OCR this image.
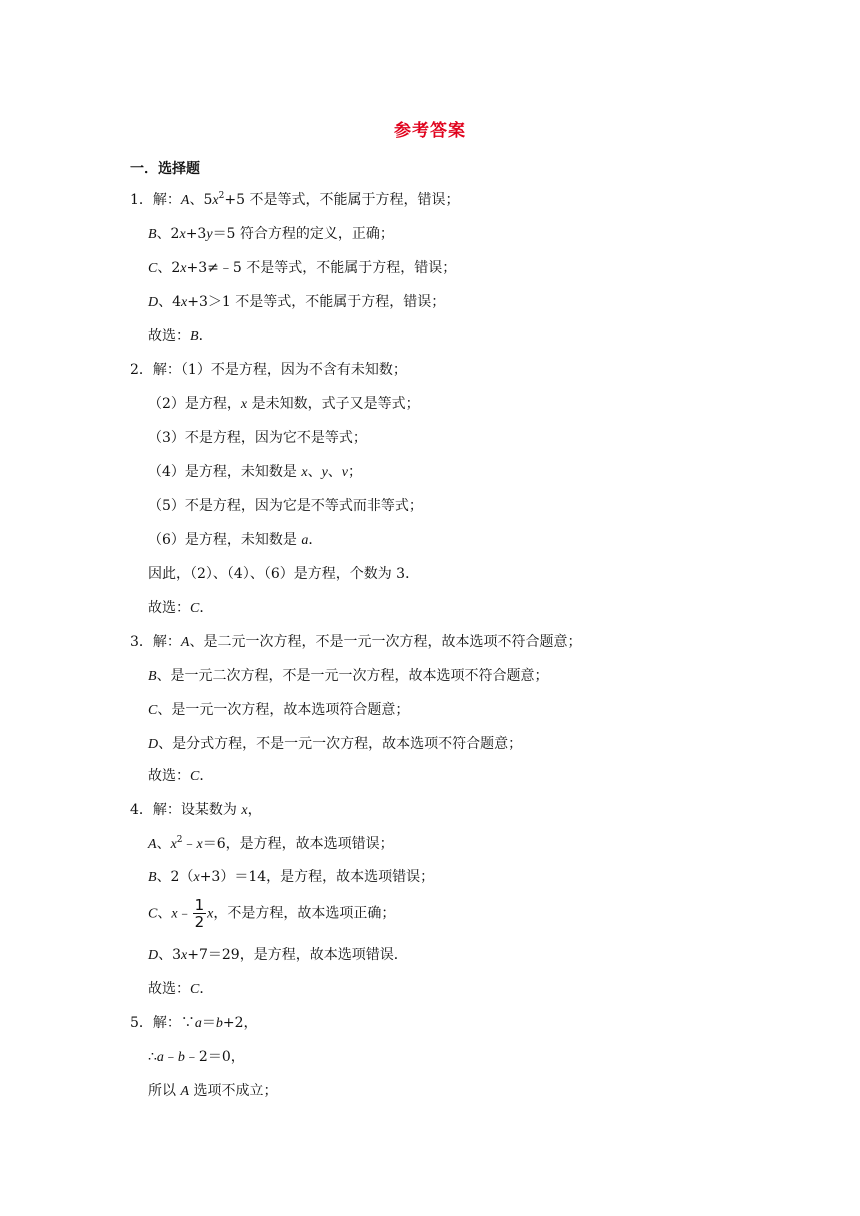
参考答案
一．选择题
1．解：A、$5x^2+5$ 不是等式，不能属于方程，错误；
B、2x+3y＝5 符合方程的定义，正确；
C、2x+3≠﹣5 不是等式，不能属于方程，错误；
D、4x+3＞1 不是等式，不能属于方程，错误；
故选：B．
2．解：（1）不是方程，因为不含有未知数；
（2）是方程，x 是未知数，式子又是等式；
（3）不是方程，因为它不是等式；
（4）是方程，未知数是 x、y、v；
（5）不是方程，因为它是不等式而非等式；
（6）是方程，未知数是 a．
因此，（2）、（4）、（6）是方程，个数为 3．
故选：C．
3．解：A、是二元一次方程，不是一元一次方程，故本选项不符合题意；
B、是一元二次方程，不是一元一次方程，故本选项不符合题意；
C、是一元一次方程，故本选项符合题意；
D、是分式方程，不是一元一次方程，故本选项不符合题意；
故选：C．
4．解：设某数为 x，
A、$x^2﹣x=6$，是方程，故本选项错误；
B、2（x+3）＝14，是方程，故本选项错误；
C、x﹣ $\frac{1}{2}$ x，不是方程，故本选项正确；
D、3x+7＝29，是方程，故本选项错误．
故选：C．
5．解：∵a＝b+2，
∴a﹣b﹣2＝0，
所以 A 选项不成立；
